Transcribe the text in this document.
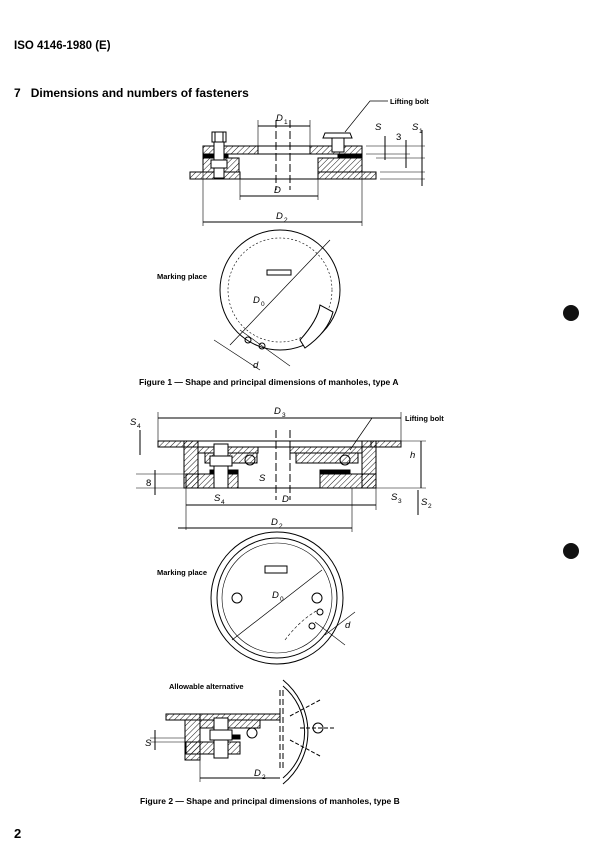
ISO 4146-1980 (E)
7 Dimensions and numbers of fasteners
Lifting bolt
D 1
D
D 2
S
3
S 1
Marking place
D 0
d
D 3	Lifting bolt
S 4
h
8	S
S 4	D	S 3 S 2
D 2
Marking place
D 0
d
Allowable alternative
S
D 2
Figure 1 — Shape and principal dimensions of manholes, type A
Figure 2 — Shape and principal dimensions of manholes, type B
2
